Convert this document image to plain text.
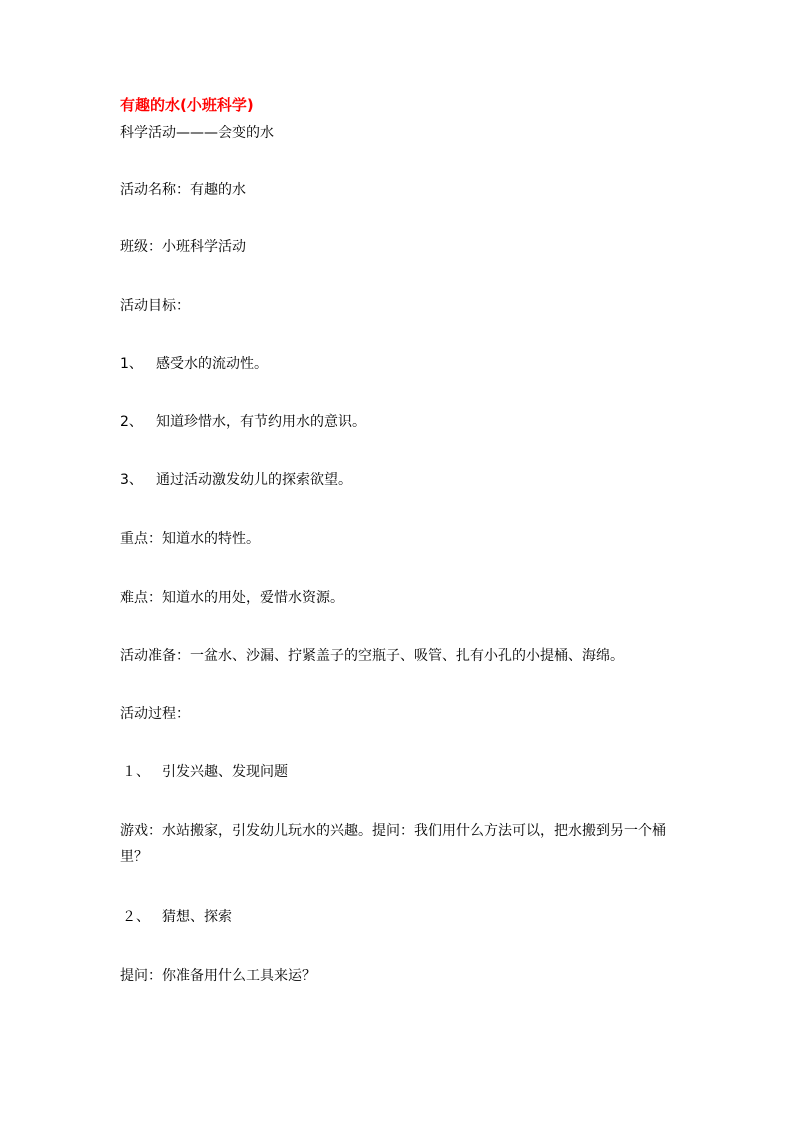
有趣的水(小班科学)
科学活动———会变的水
活动名称：有趣的水
班级：小班科学活动
活动目标：
1、 感受水的流动性。
2、 知道珍惜水，有节约用水的意识。
3、 通过活动激发幼儿的探索欲望。
重点：知道水的特性。
难点：知道水的用处，爱惜水资源。
活动准备：一盆水、沙漏、拧紧盖子的空瓶子、吸管、扎有小孔的小提桶、海绵。
活动过程：
１、 引发兴趣、发现问题
游戏：水站搬家，引发幼儿玩水的兴趣。提问：我们用什么方法可以，把水搬到另一个桶里？
２、 猜想、探索
提问：你准备用什么工具来运？
